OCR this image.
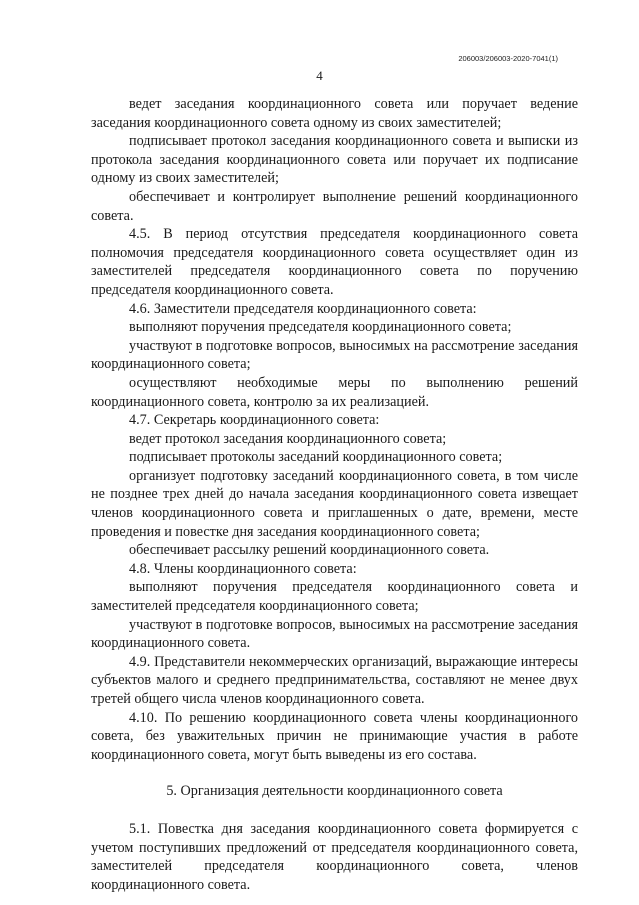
206003/206003-2020-7041(1)
4

ведет заседания координационного совета или поручает ведение заседания координационного совета одному из своих заместителей;

подписывает протокол заседания координационного совета и выписки из протокола заседания координационного совета или поручает их подписание одному из своих заместителей;

обеспечивает и контролирует выполнение решений координационного совета.

4.5. В период отсутствия председателя координационного совета полномочия председателя координационного совета осуществляет один из заместителей председателя координационного совета по поручению председателя координационного совета.

4.6. Заместители председателя координационного совета:

выполняют поручения председателя координационного совета;

участвуют в подготовке вопросов, выносимых на рассмотрение заседания координационного совета;

осуществляют необходимые меры по выполнению решений координационного совета, контролю за их реализацией.

4.7. Секретарь координационного совета:

ведет протокол заседания координационного совета;

подписывает протоколы заседаний координационного совета;

организует подготовку заседаний координационного совета, в том числе не позднее трех дней до начала заседания координационного совета извещает членов координационного совета и приглашенных о дате, времени, месте проведения и повестке дня заседания координационного совета;

обеспечивает рассылку решений координационного совета.

4.8. Члены координационного совета:

выполняют поручения председателя координационного совета и заместителей председателя координационного совета;

участвуют в подготовке вопросов, выносимых на рассмотрение заседания координационного совета.

4.9. Представители некоммерческих организаций, выражающие интересы субъектов малого и среднего предпринимательства, составляют не менее двух третей общего числа членов координационного совета.

4.10. По решению координационного совета члены координационного совета, без уважительных причин не принимающие участия в работе координационного совета, могут быть выведены из его состава.

5. Организация деятельности координационного совета

5.1. Повестка дня заседания координационного совета формируется с учетом поступивших предложений от председателя координационного совета, заместителей председателя координационного совета, членов координационного совета.
